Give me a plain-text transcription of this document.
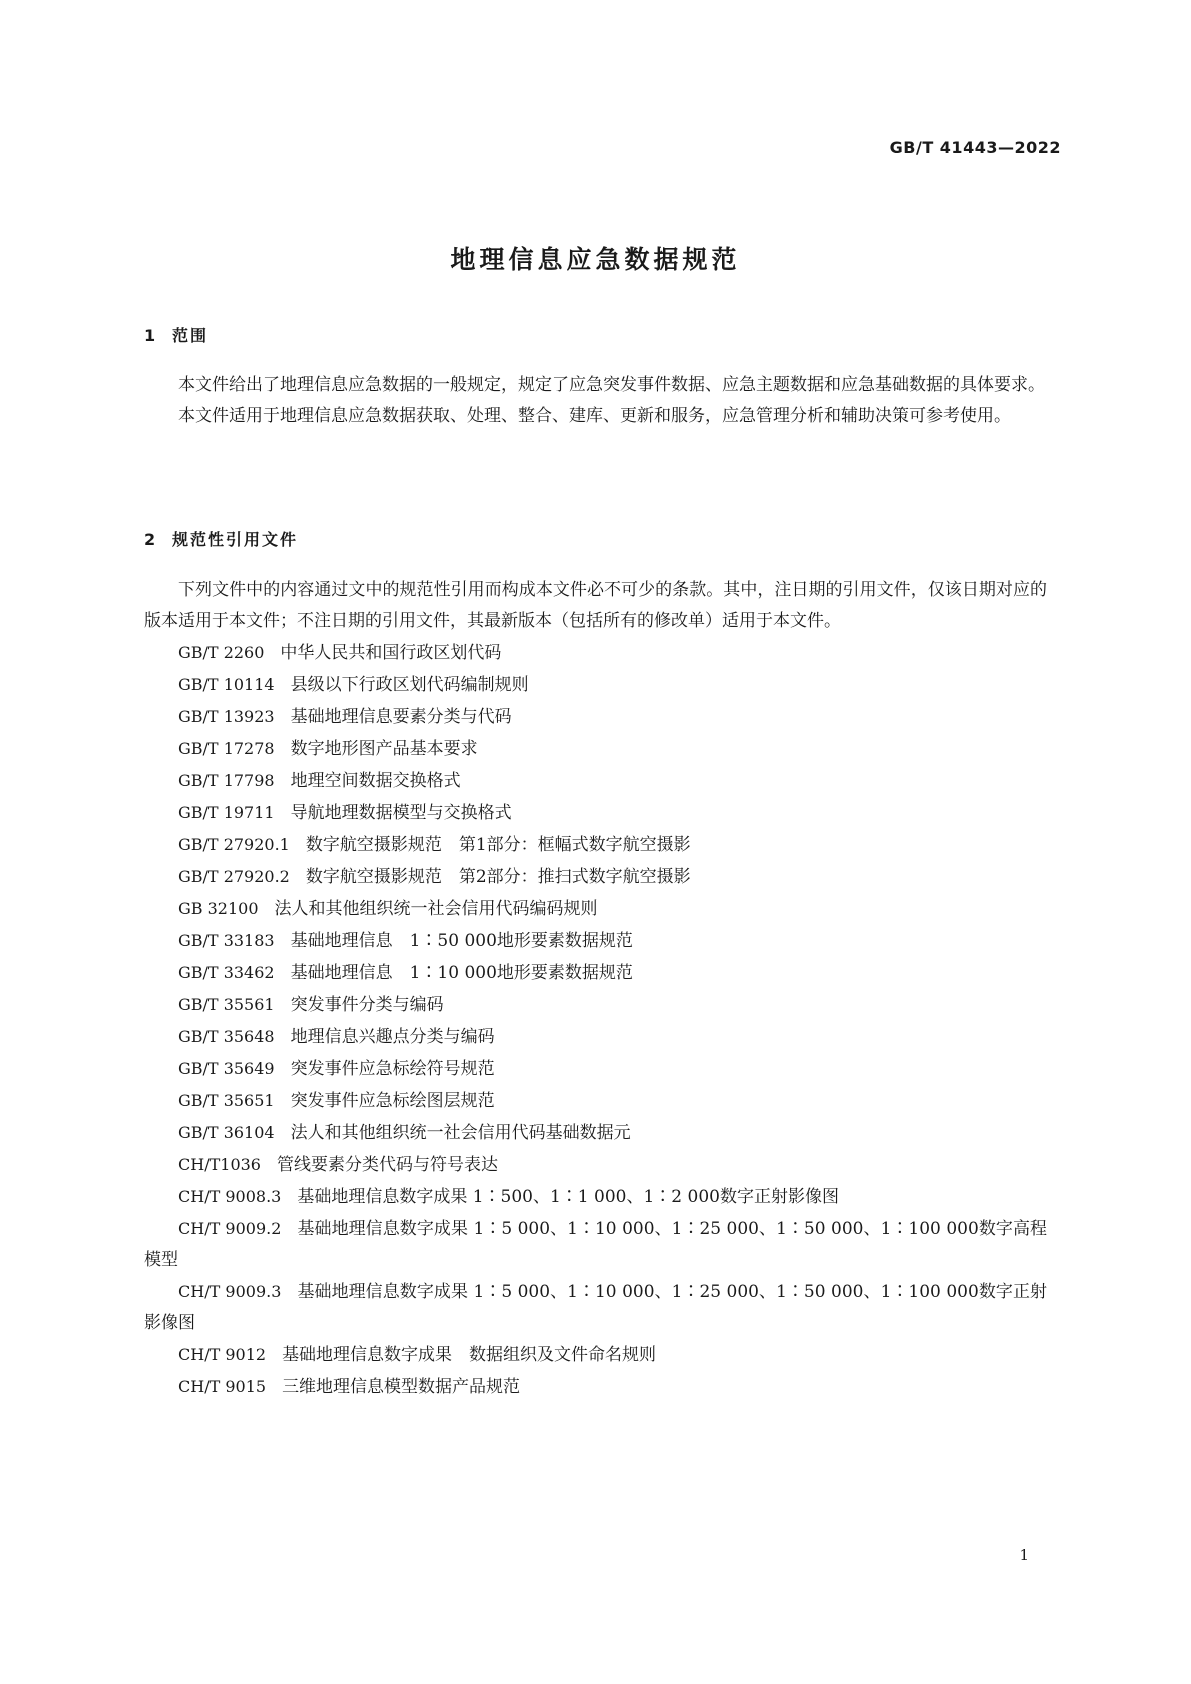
GB/T 41443—2022
地理信息应急数据规范
1 范围

本文件给出了地理信息应急数据的一般规定，规定了应急突发事件数据、应急主题数据和应急基础数据的具体要求。

本文件适用于地理信息应急数据获取、处理、整合、建库、更新和服务，应急管理分析和辅助决策可参考使用。

2 规范性引用文件

下列文件中的内容通过文中的规范性引用而构成本文件必不可少的条款。其中，注日期的引用文件，仅该日期对应的版本适用于本文件；不注日期的引用文件，其最新版本（包括所有的修改单）适用于本文件。

GB/T 2260 中华人民共和国行政区划代码
GB/T 10114 县级以下行政区划代码编制规则
GB/T 13923 基础地理信息要素分类与代码
GB/T 17278 数字地形图产品基本要求
GB/T 17798 地理空间数据交换格式
GB/T 19711 导航地理数据模型与交换格式
GB/T 27920.1 数字航空摄影规范　第1部分：框幅式数字航空摄影
GB/T 27920.2 数字航空摄影规范　第2部分：推扫式数字航空摄影
GB 32100 法人和其他组织统一社会信用代码编码规则
GB/T 33183 基础地理信息　1∶50 000地形要素数据规范
GB/T 33462 基础地理信息　1∶10 000地形要素数据规范
GB/T 35561 突发事件分类与编码
GB/T 35648 地理信息兴趣点分类与编码
GB/T 35649 突发事件应急标绘符号规范
GB/T 35651 突发事件应急标绘图层规范
GB/T 36104 法人和其他组织统一社会信用代码基础数据元
CH/T1036 管线要素分类代码与符号表达
CH/T 9008.3 基础地理信息数字成果 1∶500、1∶1 000、1∶2 000数字正射影像图
CH/T 9009.2 基础地理信息数字成果 1∶5 000、1∶10 000、1∶25 000、1∶50 000、1∶100 000数字高程模型
CH/T 9009.3 基础地理信息数字成果 1∶5 000、1∶10 000、1∶25 000、1∶50 000、1∶100 000数字正射影像图
CH/T 9012 基础地理信息数字成果　数据组织及文件命名规则
CH/T 9015 三维地理信息模型数据产品规范
1
